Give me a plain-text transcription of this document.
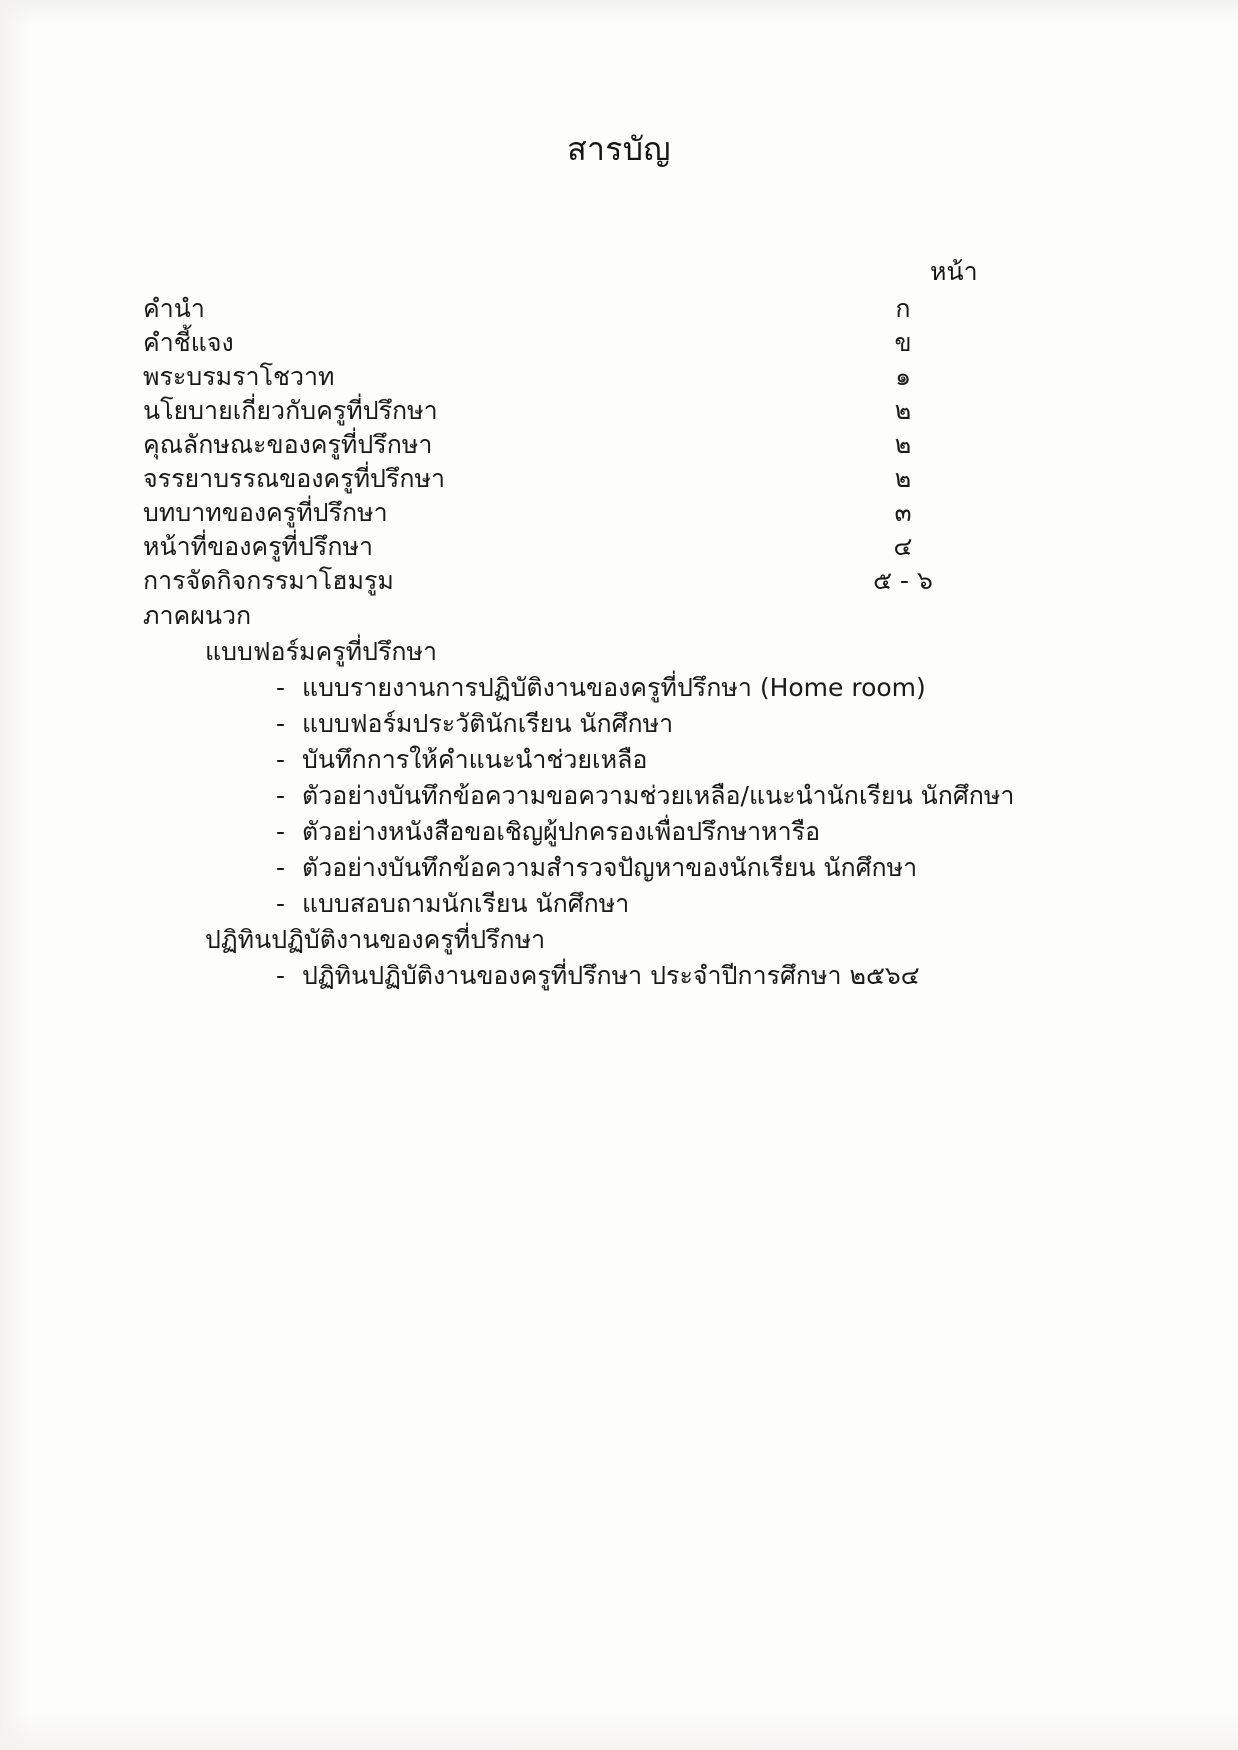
สารบัญ
หน้า
คำนำ	ก
คำชี้แจง	ข
พระบรมราโชวาท	๑
นโยบายเกี่ยวกับครูที่ปรึกษา	๒
คุณลักษณะของครูที่ปรึกษา	๒
จรรยาบรรณของครูที่ปรึกษา	๒
บทบาทของครูที่ปรึกษา	๓
หน้าที่ของครูที่ปรึกษา	๔
การจัดกิจกรรมาโฮมรูม	๕ - ๖
ภาคผนวก
แบบฟอร์มครูที่ปรึกษา
- แบบรายงานการปฏิบัติงานของครูที่ปรึกษา (Home room)
- แบบฟอร์มประวัตินักเรียน นักศึกษา
- บันทึกการให้คำแนะนำช่วยเหลือ
- ตัวอย่างบันทึกข้อความขอความช่วยเหลือ/แนะนำนักเรียน นักศึกษา
- ตัวอย่างหนังสือขอเชิญผู้ปกครองเพื่อปรึกษาหารือ
- ตัวอย่างบันทึกข้อความสำรวจปัญหาของนักเรียน นักศึกษา
- แบบสอบถามนักเรียน นักศึกษา
ปฏิทินปฏิบัติงานของครูที่ปรึกษา
- ปฏิทินปฏิบัติงานของครูที่ปรึกษา ประจำปีการศึกษา ๒๕๖๔
